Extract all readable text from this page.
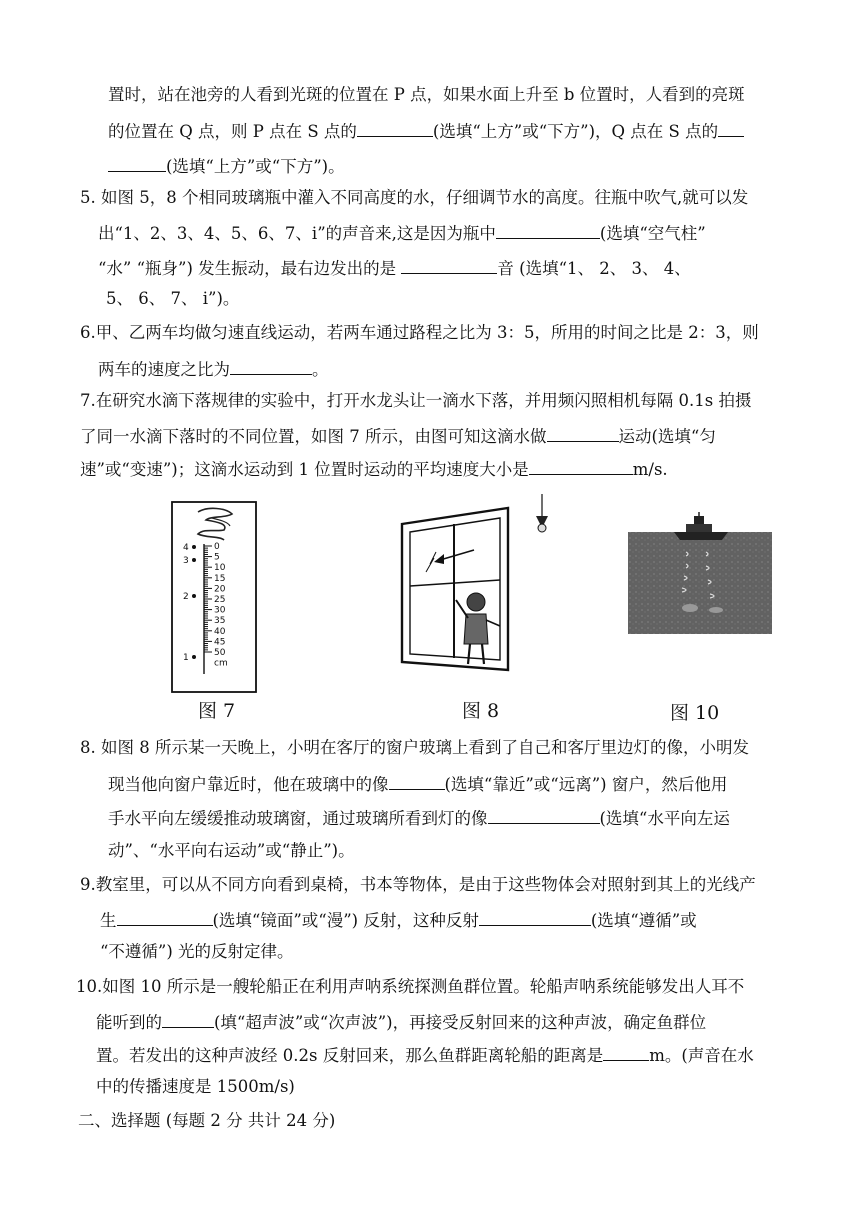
置时，站在池旁的人看到光斑的位置在 P 点，如果水面上升至 b 位置时，人看到的亮斑
的位置在 Q 点，则 P 点在 S 点的	(选填“上方”或“下方”)，Q 点在 S 点的
(选填“上方”或“下方”)。
5. 如图 5，8 个相同玻璃瓶中灌入不同高度的水，仔细调节水的高度。往瓶中吹气,就可以发
出“1、2、3、4、5、6、7、i”的声音来,这是因为瓶中	(选填“空气柱”
“水” “瓶身”) 发生振动，最右边发出的是	音 (选填“1、 2、 3、 4、
5、 6、 7、 i”)。
6.甲、乙两车均做匀速直线运动，若两车通过路程之比为 3：5，所用的时间之比是 2：3，则
两车的速度之比为	。
7.在研究水滴下落规律的实验中，打开水龙头让一滴水下落，并用频闪照相机每隔 0.1s 拍摄
了同一水滴下落时的不同位置，如图 7 所示，由图可知这滴水做	运动(选填“匀
速”或“变速”)；这滴水运动到 1 位置时运动的平均速度大小是	m/s.
0
5
10
15
20
25
30
35
40
45
50
cm
4
3
2
1
图 7	图 8	图 10
8. 如图 8 所示某一天晚上，小明在客厅的窗户玻璃上看到了自己和客厅里边灯的像，小明发
现当他向窗户靠近时，他在玻璃中的像	(选填“靠近”或“远离”) 窗户，然后他用
手水平向左缓缓推动玻璃窗，通过玻璃所看到灯的像	(选填“水平向左运
动”、“水平向右运动”或“静止”)。
9.教室里，可以从不同方向看到桌椅，书本等物体，是由于这些物体会对照射到其上的光线产
生	(选填“镜面”或“漫”) 反射，这种反射	(选填“遵循”或
“不遵循”) 光的反射定律。
10.如图 10 所示是一艘轮船正在利用声呐系统探测鱼群位置。轮船声呐系统能够发出人耳不
能听到的	(填“超声波”或“次声波”)，再接受反射回来的这种声波，确定鱼群位
置。若发出的这种声波经 0.2s 反射回来，那么鱼群距离轮船的距离是	m。(声音在水
中的传播速度是 1500m/s)
二、选择题 (每题 2 分 共计 24 分)
